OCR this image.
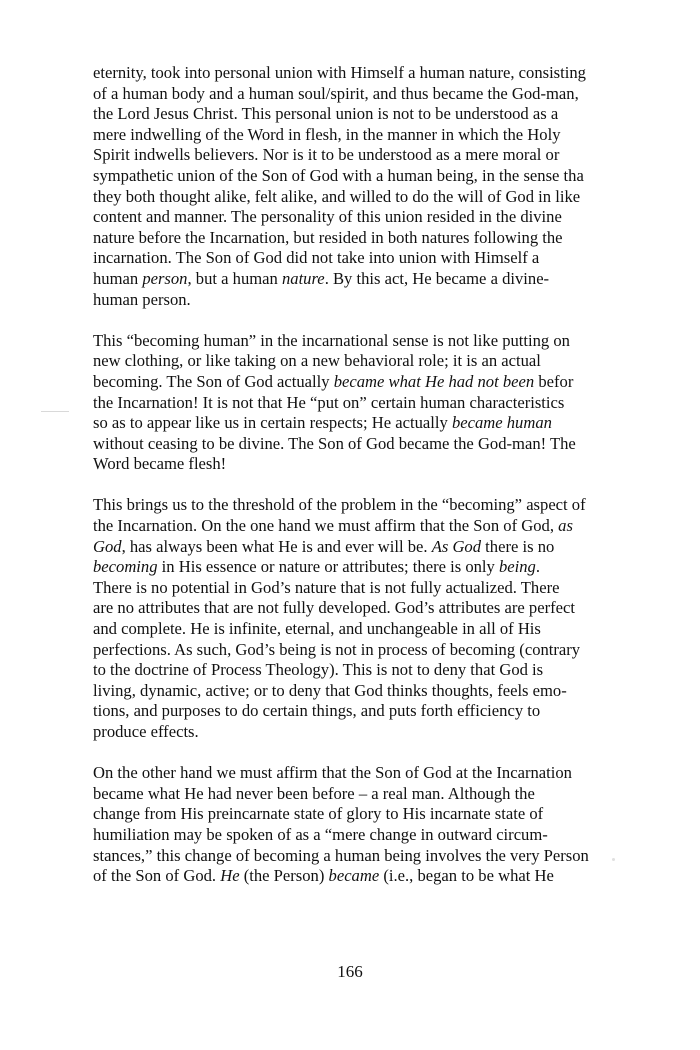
eternity, took into personal union with Himself a human nature, consisting
of a human body and a human soul/spirit, and thus became the God-man,
the Lord Jesus Christ. This personal union is not to be understood as a
mere indwelling of the Word in flesh, in the manner in which the Holy
Spirit indwells believers. Nor is it to be understood as a mere moral or
sympathetic union of the Son of God with a human being, in the sense tha
they both thought alike, felt alike, and willed to do the will of God in like
content and manner. The personality of this union resided in the divine
nature before the Incarnation, but resided in both natures following the
incarnation. The Son of God did not take into union with Himself a
human person, but a human nature. By this act, He became a divine-
human person.
This “becoming human” in the incarnational sense is not like putting on
new clothing, or like taking on a new behavioral role; it is an actual
becoming. The Son of God actually became what He had not been befor
the Incarnation! It is not that He “put on” certain human characteristics
so as to appear like us in certain respects; He actually became human
without ceasing to be divine. The Son of God became the God-man! The
Word became flesh!
This brings us to the threshold of the problem in the “becoming” aspect of
the Incarnation. On the one hand we must affirm that the Son of God, as
God, has always been what He is and ever will be. As God there is no
becoming in His essence or nature or attributes; there is only being.
There is no potential in God’s nature that is not fully actualized. There
are no attributes that are not fully developed. God’s attributes are perfect
and complete. He is infinite, eternal, and unchangeable in all of His
perfections. As such, God’s being is not in process of becoming (contrary
to the doctrine of Process Theology). This is not to deny that God is
living, dynamic, active; or to deny that God thinks thoughts, feels emo-
tions, and purposes to do certain things, and puts forth efficiency to
produce effects.
On the other hand we must affirm that the Son of God at the Incarnation
became what He had never been before – a real man. Although the
change from His preincarnate state of glory to His incarnate state of
humiliation may be spoken of as a “mere change in outward circum-
stances,” this change of becoming a human being involves the very Person
of the Son of God. He (the Person) became (i.e., began to be what He
166
